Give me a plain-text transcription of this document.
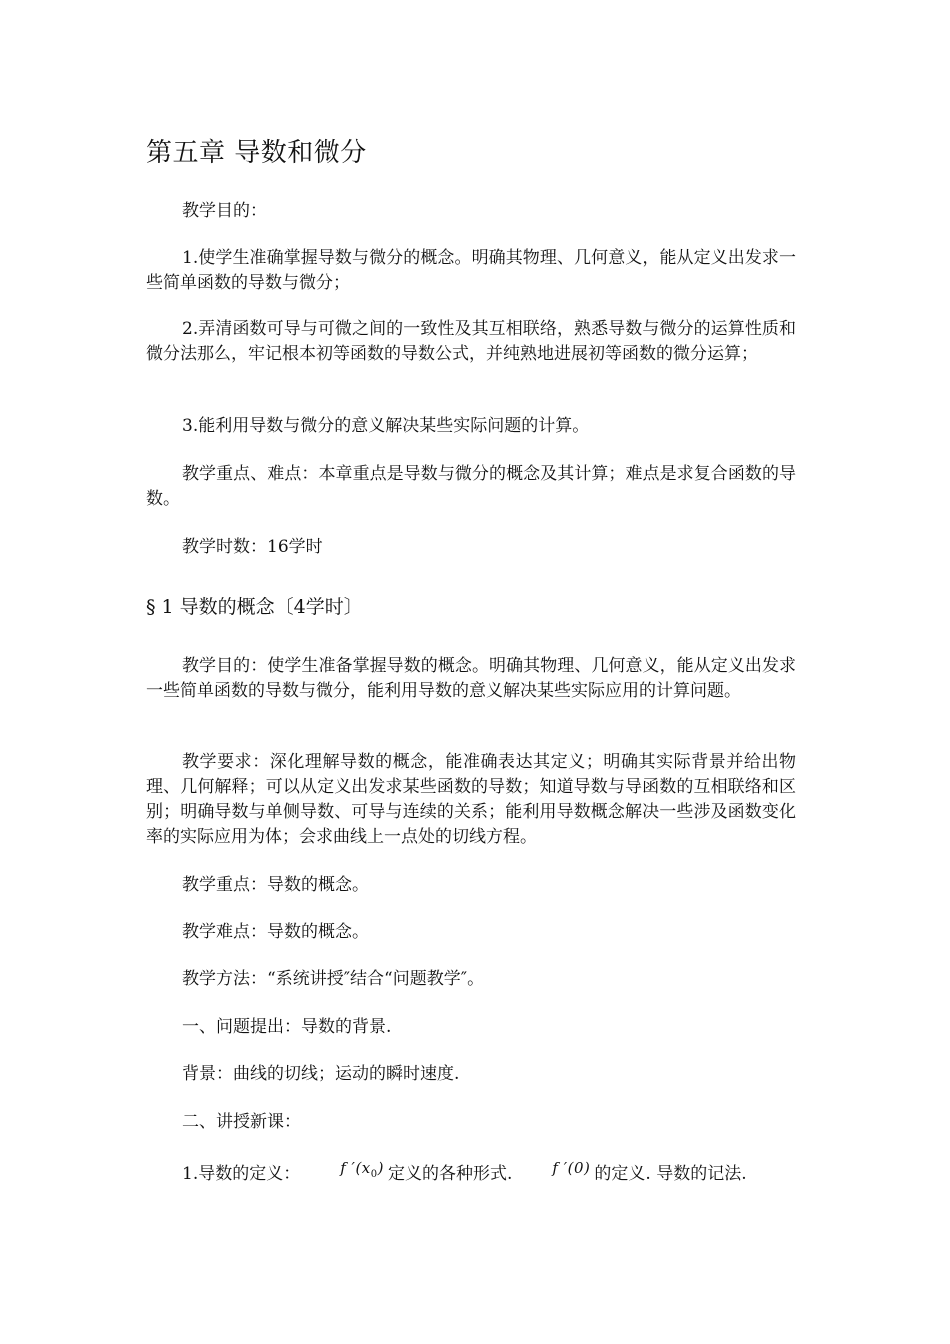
第五章 导数和微分

教学目的：

1.使学生准确掌握导数与微分的概念。明确其物理、几何意义，能从定义出发求一些简单函数的导数与微分；

2.弄清函数可导与可微之间的一致性及其互相联络，熟悉导数与微分的运算性质和微分法那么，牢记根本初等函数的导数公式，并纯熟地进展初等函数的微分运算；

3.能利用导数与微分的意义解决某些实际问题的计算。

教学重点、难点：本章重点是导数与微分的概念及其计算；难点是求复合函数的导数。

教学时数：16学时

§ 1 导数的概念〔4学时〕

教学目的：使学生准备掌握导数的概念。明确其物理、几何意义，能从定义出发求一些简单函数的导数与微分，能利用导数的意义解决某些实际应用的计算问题。

教学要求：深化理解导数的概念，能准确表达其定义；明确其实际背景并给出物理、几何解释；可以从定义出发求某些函数的导数；知道导数与导函数的互相联络和区别；明确导数与单侧导数、可导与连续的关系；能利用导数概念解决一些涉及函数变化率的实际应用为体；会求曲线上一点处的切线方程。

教学重点：导数的概念。

教学难点：导数的概念。

教学方法：“系统讲授″结合“问题教学″。

一、问题提出：导数的背景.

背景：曲线的切线；运动的瞬时速度.

二、讲授新课：

1.导数的定义：	f $'(x_0)$ 定义的各种形式.	f ′(0) 的定义. 导数的记法.
